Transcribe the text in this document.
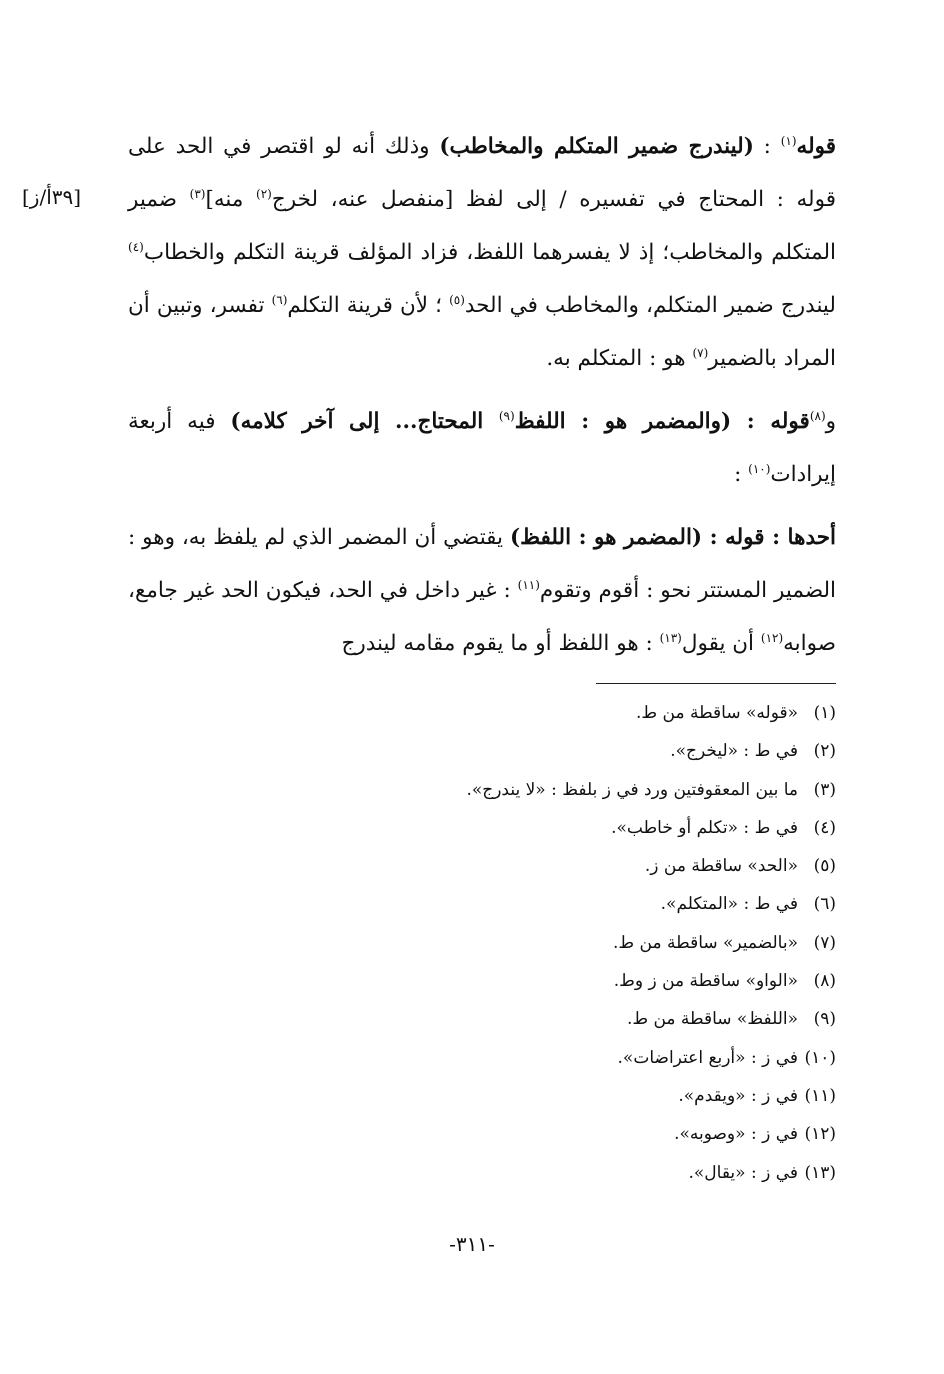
[٣٩أ/ز]

قوله$^{(١)}$ : (ليندرج ضمير المتكلم والمخاطب) وذلك أنه لو اقتصر في الحد على قوله : المحتاج في تفسيره / إلى لفظ [منفصل عنه، لخرج$^{(٢)}$ منه]$^{(٣)}$ ضمير المتكلم والمخاطب؛ إذ لا يفسرهما اللفظ، فزاد المؤلف قرينة التكلم والخطاب$^{(٤)}$ ليندرج ضمير المتكلم، والمخاطب في الحد$^{(٥)}$ ؛ لأن قرينة التكلم$^{(٦)}$ تفسر، وتبين أن المراد بالضمير$^{(٧)}$ هو : المتكلم به.

و$^{(٨)}$قوله : (والمضمر هو : اللفظ$^{(٩)}$ المحتاج... إلى آخر كلامه) فيه أربعة إيرادات$^{(١٠)}$ :

أحدها : قوله : (المضمر هو : اللفظ) يقتضي أن المضمر الذي لم يلفظ به، وهو : الضمير المستتر نحو : أقوم وتقوم$^{(١١)}$ : غير داخل في الحد، فيكون الحد غير جامع، صوابه$^{(١٢)}$ أن يقول$^{(١٣)}$ : هو اللفظ أو ما يقوم مقامه ليندرج

(١)«قوله» ساقطة من ط.
(٢)في ط : «ليخرج».
(٣)ما بين المعقوفتين ورد في ز بلفظ : «لا يندرج».
(٤)في ط : «تكلم أو خاطب».
(٥)«الحد» ساقطة من ز.
(٦)في ط : «المتكلم».
(٧)«بالضمير» ساقطة من ط.
(٨)«الواو» ساقطة من ز وط.
(٩)«اللفظ» ساقطة من ط.
(١٠)في ز : «أربع اعتراضات».
(١١)في ز : «ويقدم».
(١٢)في ز : «وصوبه».
(١٣)في ز : «يقال».
-٣١١-
